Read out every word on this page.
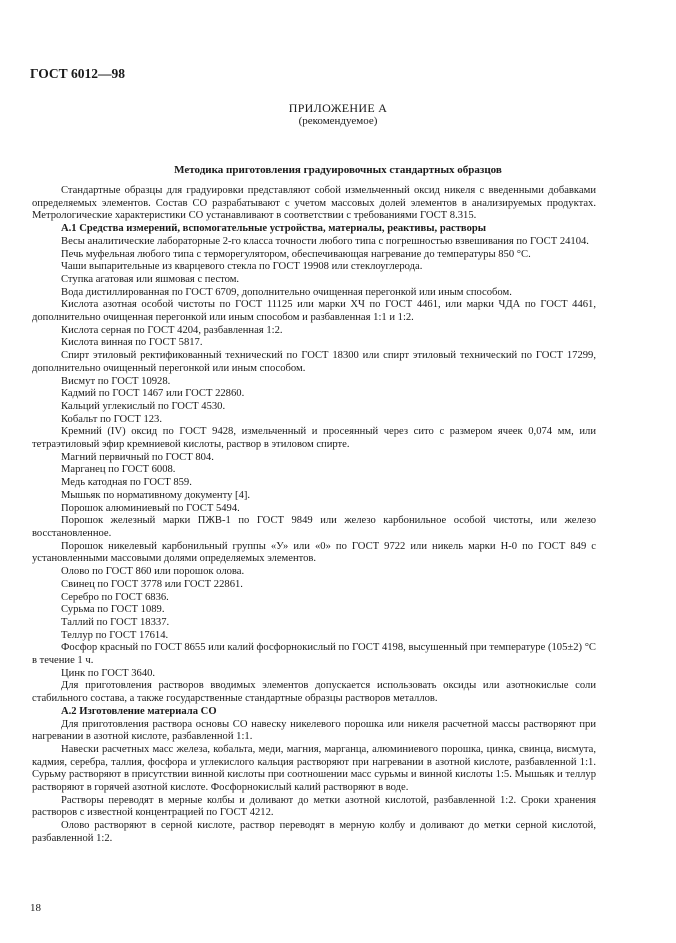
ГОСТ 6012—98
ПРИЛОЖЕНИЕ А
(рекомендуемое)
Методика приготовления градуировочных стандартных образцов

Стандартные образцы для градуировки представляют собой измельченный оксид никеля с введенными добавками определяемых элементов. Состав СО разрабатывают с учетом массовых долей элементов в анализируемых продуктах. Метрологические характеристики СО устанавливают в соответствии с требованиями ГОСТ 8.315.

А.1 Средства измерений, вспомогательные устройства, материалы, реактивы, растворы

Весы аналитические лабораторные 2-го класса точности любого типа с погрешностью взвешивания по ГОСТ 24104.

Печь муфельная любого типа с терморегулятором, обеспечивающая нагревание до температуры 850 °С.

Чаши выпарительные из кварцевого стекла по ГОСТ 19908 или стеклоуглерода.

Ступка агатовая или яшмовая с пестом.

Вода дистиллированная по ГОСТ 6709, дополнительно очищенная перегонкой или иным способом.

Кислота азотная особой чистоты по ГОСТ 11125 или марки ХЧ по ГОСТ 4461, или марки ЧДА по ГОСТ 4461, дополнительно очищенная перегонкой или иным способом и разбавленная 1:1 и 1:2.

Кислота серная по ГОСТ 4204, разбавленная 1:2.

Кислота винная по ГОСТ 5817.

Спирт этиловый ректификованный технический по ГОСТ 18300 или спирт этиловый технический по ГОСТ 17299, дополнительно очищенный перегонкой или иным способом.

Висмут по ГОСТ 10928.

Кадмий по ГОСТ 1467 или ГОСТ 22860.

Кальций углекислый по ГОСТ 4530.

Кобальт по ГОСТ 123.

Кремний (IV) оксид по ГОСТ 9428, измельченный и просеянный через сито с размером ячеек 0,074 мм, или тетраэтиловый эфир кремниевой кислоты, раствор в этиловом спирте.

Магний первичный по ГОСТ 804.

Марганец по ГОСТ 6008.

Медь катодная по ГОСТ 859.

Мышьяк по нормативному документу [4].

Порошок алюминиевый по ГОСТ 5494.

Порошок железный марки ПЖВ-1 по ГОСТ 9849 или железо карбонильное особой чистоты, или железо восстановленное.

Порошок никелевый карбонильный группы «У» или «0» по ГОСТ 9722 или никель марки Н-0 по ГОСТ 849 с установленными массовыми долями определяемых элементов.

Олово по ГОСТ 860 или порошок олова.

Свинец по ГОСТ 3778 или ГОСТ 22861.

Серебро по ГОСТ 6836.

Сурьма по ГОСТ 1089.

Таллий по ГОСТ 18337.

Теллур по ГОСТ 17614.

Фосфор красный по ГОСТ 8655 или калий фосфорнокислый по ГОСТ 4198, высушенный при температуре (105±2) °С в течение 1 ч.

Цинк по ГОСТ 3640.

Для приготовления растворов вводимых элементов допускается использовать оксиды или азотнокислые соли стабильного состава, а также государственные стандартные образцы растворов металлов.

А.2 Изготовление материала СО

Для приготовления раствора основы СО навеску никелевого порошка или никеля расчетной массы растворяют при нагревании в азотной кислоте, разбавленной 1:1.

Навески расчетных масс железа, кобальта, меди, магния, марганца, алюминиевого порошка, цинка, свинца, висмута, кадмия, серебра, таллия, фосфора и углекислого кальция растворяют при нагревании в азотной кислоте, разбавленной 1:1. Сурьму растворяют в присутствии винной кислоты при соотношении масс сурьмы и винной кислоты 1:5. Мышьяк и теллур растворяют в горячей азотной кислоте. Фосфорнокислый калий растворяют в воде.

Растворы переводят в мерные колбы и доливают до метки азотной кислотой, разбавленной 1:2. Сроки хранения растворов с известной концентрацией по ГОСТ 4212.

Олово растворяют в серной кислоте, раствор переводят в мерную колбу и доливают до метки серной кислотой, разбавленной 1:2.

18
